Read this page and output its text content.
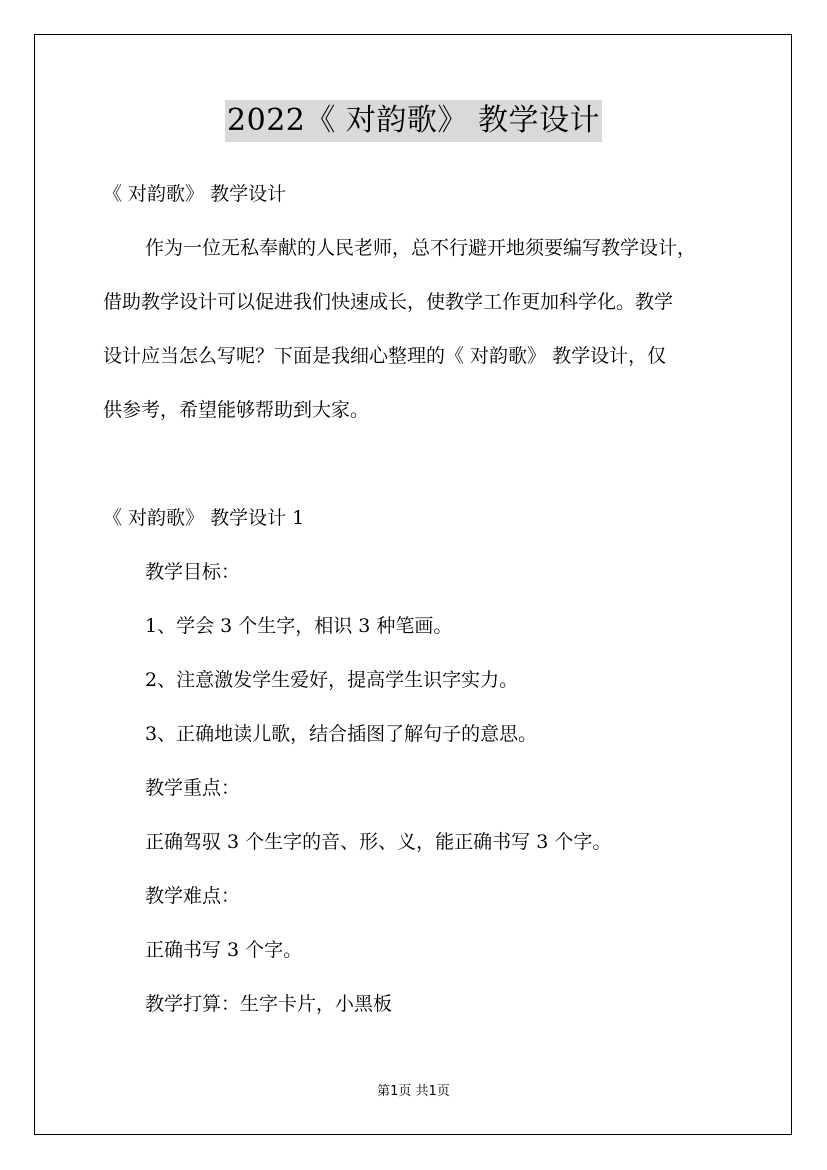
2022《 对韵歌》 教学设计
《 对韵歌》 教学设计
作为一位无私奉献的人民老师，总不行避开地须要编写教学设计，
借助教学设计可以促进我们快速成长，使教学工作更加科学化。教学
设计应当怎么写呢？下面是我细心整理的《 对韵歌》 教学设计，仅
供参考，希望能够帮助到大家。
《 对韵歌》 教学设计 1
教学目标：
1、学会 3 个生字，相识 3 种笔画。
2、注意激发学生爱好，提高学生识字实力。
3、正确地读儿歌，结合插图了解句子的意思。
教学重点：
正确驾驭 3 个生字的音、形、义，能正确书写 3 个字。
教学难点：
正确书写 3 个字。
教学打算：生字卡片，小黑板
第1页 共1页
